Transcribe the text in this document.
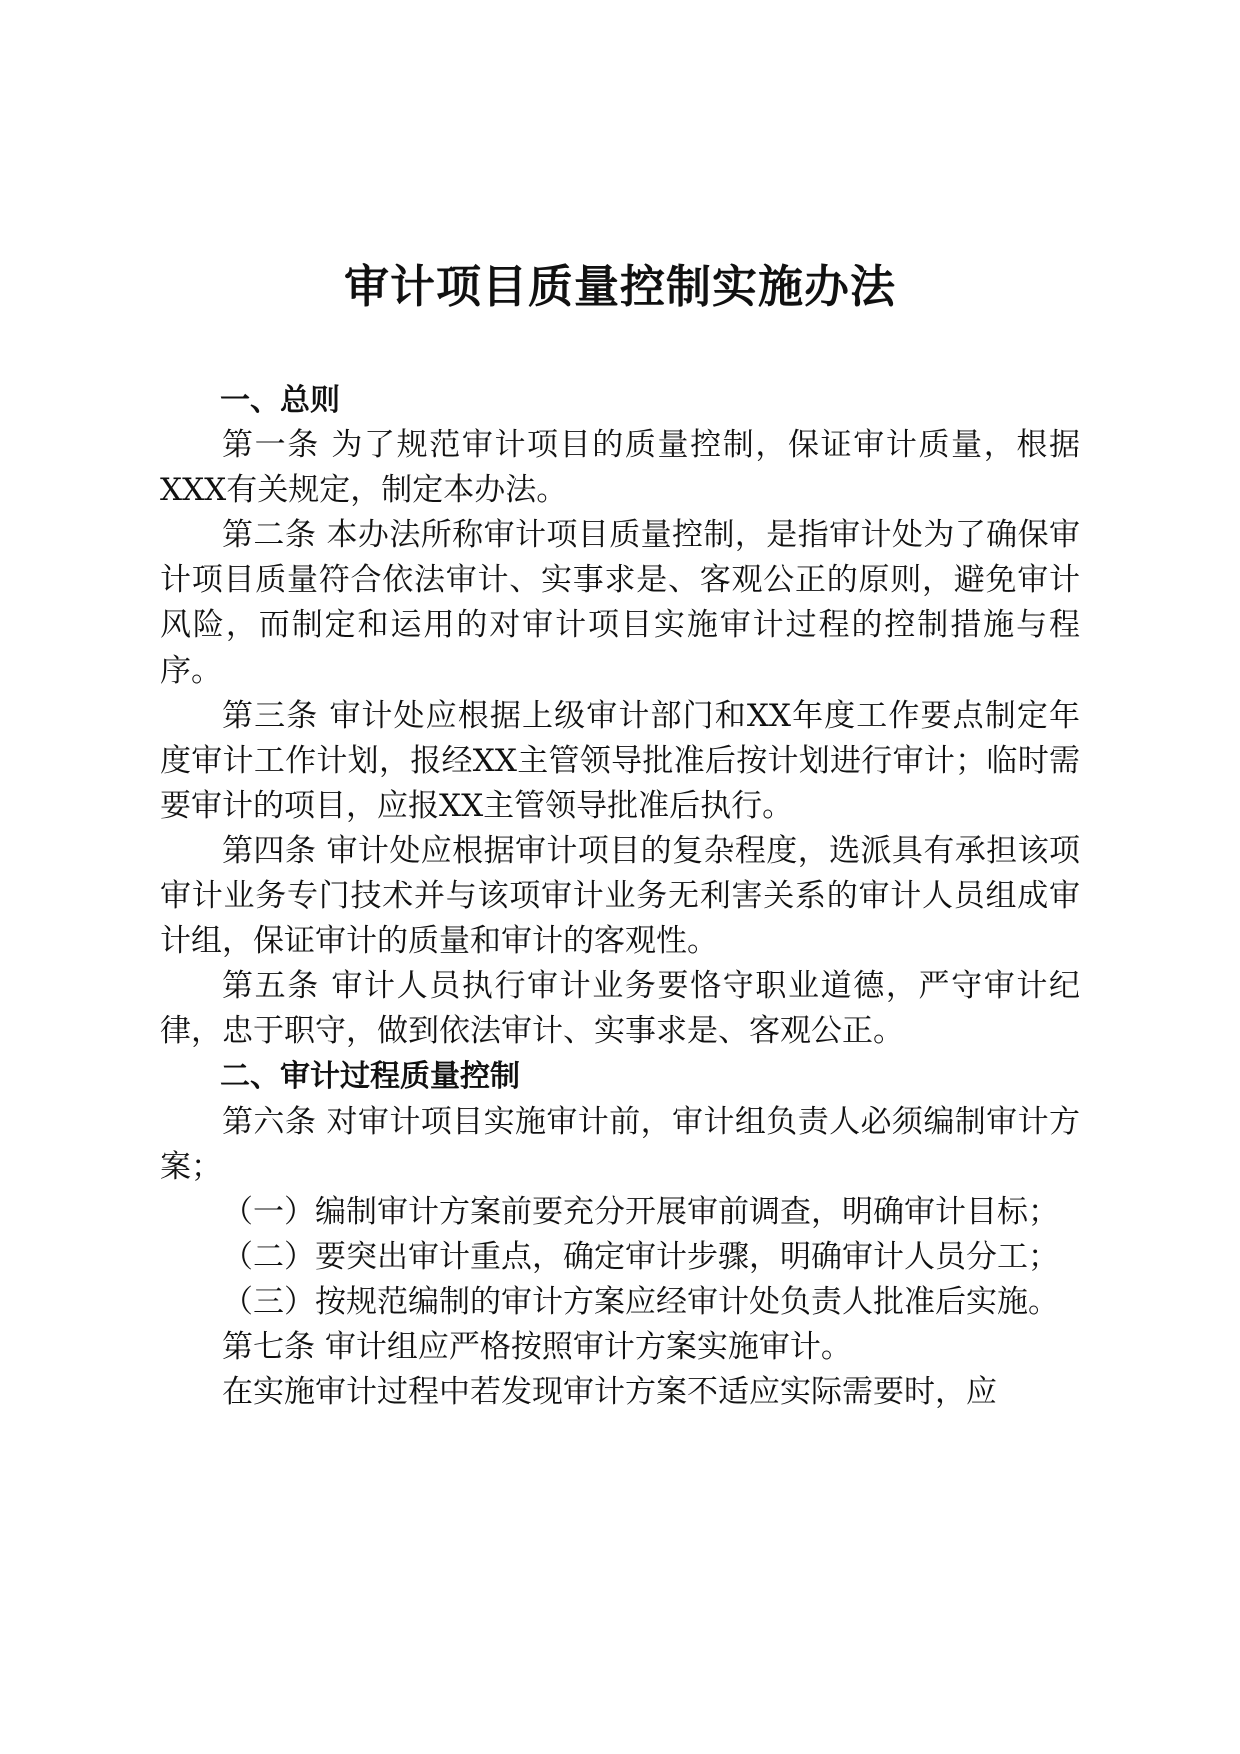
审计项目质量控制实施办法

一、总则

第一条 为了规范审计项目的质量控制，保证审计质量，根据XXX有关规定，制定本办法。

第二条 本办法所称审计项目质量控制，是指审计处为了确保审计项目质量符合依法审计、实事求是、客观公正的原则，避免审计风险，而制定和运用的对审计项目实施审计过程的控制措施与程序。

第三条 审计处应根据上级审计部门和XX年度工作要点制定年度审计工作计划，报经XX主管领导批准后按计划进行审计；临时需要审计的项目，应报XX主管领导批准后执行。

第四条 审计处应根据审计项目的复杂程度，选派具有承担该项审计业务专门技术并与该项审计业务无利害关系的审计人员组成审计组，保证审计的质量和审计的客观性。

第五条 审计人员执行审计业务要恪守职业道德，严守审计纪律，忠于职守，做到依法审计、实事求是、客观公正。

二、审计过程质量控制

第六条 对审计项目实施审计前，审计组负责人必须编制审计方案；

（一）编制审计方案前要充分开展审前调查，明确审计目标；

（二）要突出审计重点，确定审计步骤，明确审计人员分工；

（三）按规范编制的审计方案应经审计处负责人批准后实施。

第七条 审计组应严格按照审计方案实施审计。

在实施审计过程中若发现审计方案不适应实际需要时，应
